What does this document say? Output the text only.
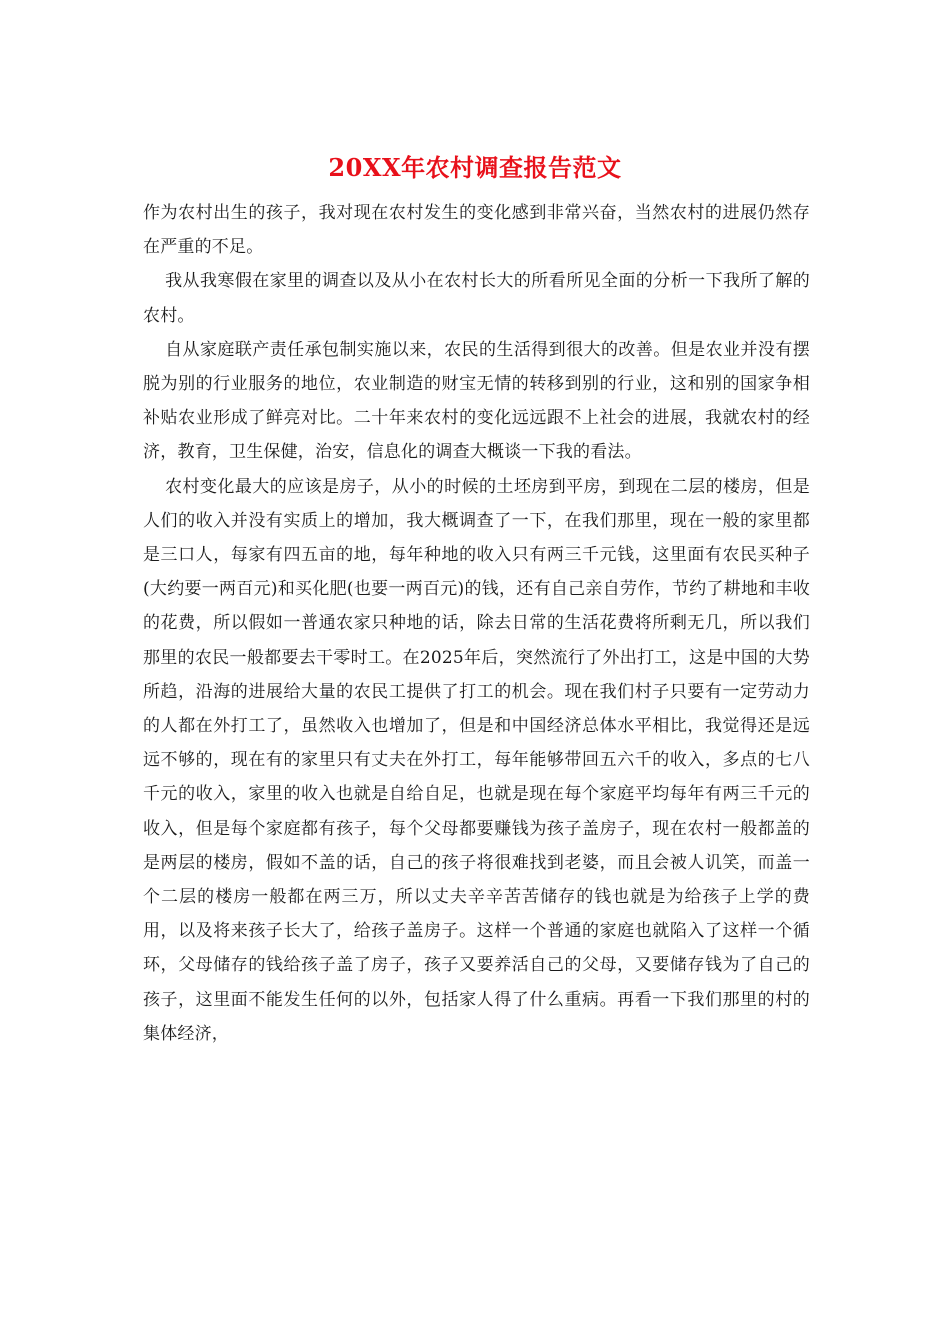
20XX年农村调查报告范文

作为农村出生的孩子，我对现在农村发生的变化感到非常兴奋，当然农村的进展仍然存在严重的不足。

我从我寒假在家里的调查以及从小在农村长大的所看所见全面的分析一下我所了解的农村。

自从家庭联产责任承包制实施以来，农民的生活得到很大的改善。但是农业并没有摆脱为别的行业服务的地位，农业制造的财宝无情的转移到别的行业，这和别的国家争相补贴农业形成了鲜亮对比。二十年来农村的变化远远跟不上社会的进展，我就农村的经济，教育，卫生保健，治安，信息化的调查大概谈一下我的看法。

农村变化最大的应该是房子，从小的时候的土坯房到平房，到现在二层的楼房，但是人们的收入并没有实质上的增加，我大概调查了一下，在我们那里，现在一般的家里都是三口人，每家有四五亩的地，每年种地的收入只有两三千元钱，这里面有农民买种子(大约要一两百元)和买化肥(也要一两百元)的钱，还有自己亲自劳作，节约了耕地和丰收的花费，所以假如一普通农家只种地的话，除去日常的生活花费将所剩无几，所以我们那里的农民一般都要去干零时工。在2025年后，突然流行了外出打工，这是中国的大势所趋，沿海的进展给大量的农民工提供了打工的机会。现在我们村子只要有一定劳动力的人都在外打工了，虽然收入也增加了，但是和中国经济总体水平相比，我觉得还是远远不够的，现在有的家里只有丈夫在外打工，每年能够带回五六千的收入，多点的七八千元的收入，家里的收入也就是自给自足，也就是现在每个家庭平均每年有两三千元的收入，但是每个家庭都有孩子，每个父母都要赚钱为孩子盖房子，现在农村一般都盖的是两层的楼房，假如不盖的话，自己的孩子将很难找到老婆，而且会被人讥笑，而盖一个二层的楼房一般都在两三万，所以丈夫辛辛苦苦储存的钱也就是为给孩子上学的费用，以及将来孩子长大了，给孩子盖房子。这样一个普通的家庭也就陷入了这样一个循环，父母储存的钱给孩子盖了房子，孩子又要养活自己的父母，又要储存钱为了自己的孩子，这里面不能发生任何的以外，包括家人得了什么重病。再看一下我们那里的村的集体经济，
